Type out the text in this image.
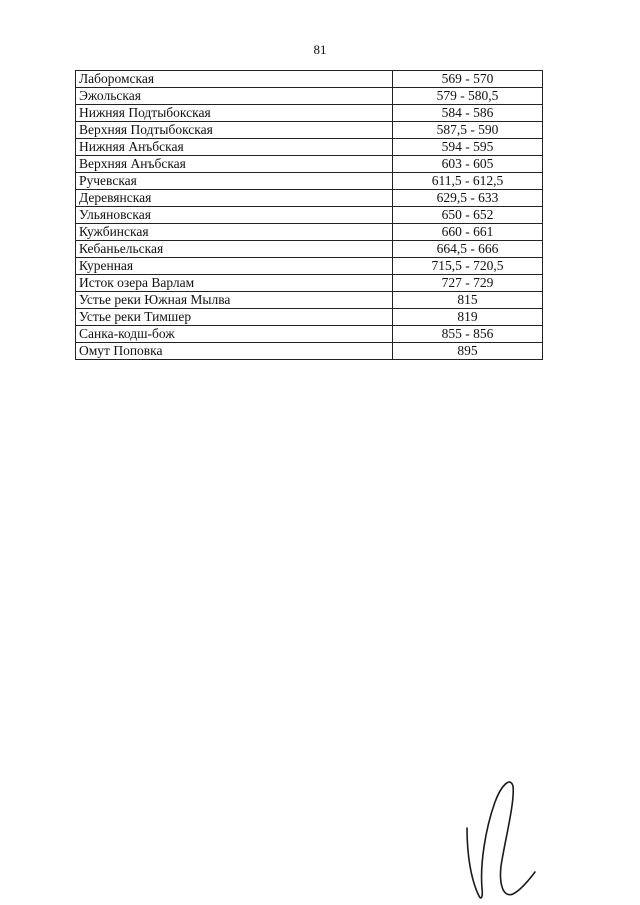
81
Лаборомская	569 - 570
Эжольская	579 - 580,5
Нижняя Подтыбокская	584 - 586
Верхняя Подтыбокская	587,5 - 590
Нижняя Анъбская	594 - 595
Верхняя Анъбская	603 - 605
Ручевская	611,5 - 612,5
Деревянская	629,5 - 633
Ульяновская	650 - 652
Кужбинская	660 - 661
Кебаньельская	664,5 - 666
Куренная	715,5 - 720,5
Исток озера Варлам	727 - 729
Устье реки Южная Мылва	815
Устье реки Тимшер	819
Санка-кодш-бож	855 - 856
Омут Поповка	895
